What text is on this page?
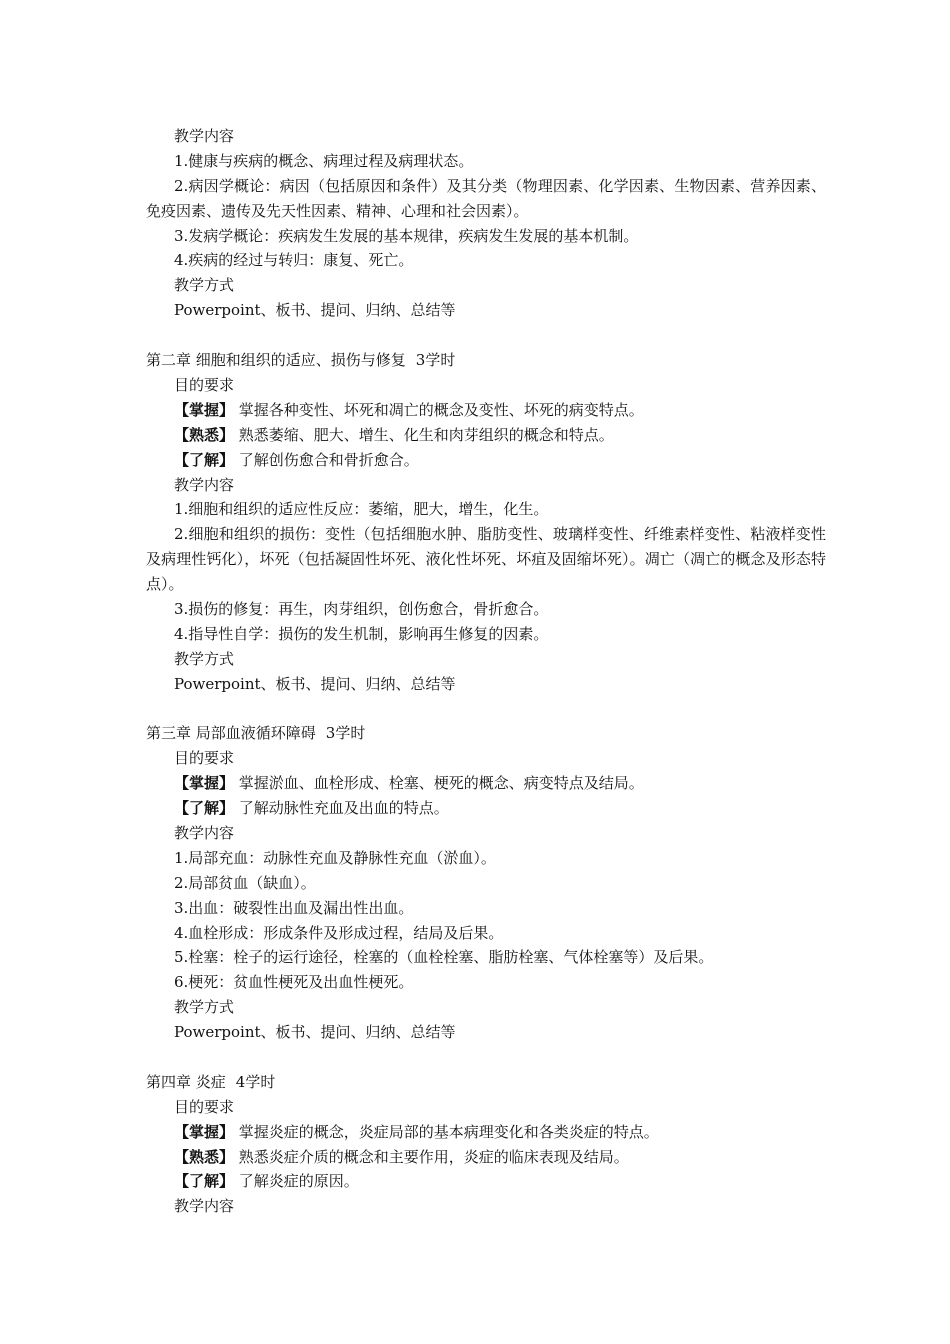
教学内容
1.健康与疾病的概念、病理过程及病理状态。
2.病因学概论：病因（包括原因和条件）及其分类（物理因素、化学因素、生物因素、营养因素、免疫因素、遗传及先天性因素、精神、心理和社会因素）。
3.发病学概论：疾病发生发展的基本规律，疾病发生发展的基本机制。
4.疾病的经过与转归：康复、死亡。
教学方式
Powerpoint、板书、提问、归纳、总结等
第二章 细胞和组织的适应、损伤与修复 3学时
目的要求
【掌握】 掌握各种变性、坏死和凋亡的概念及变性、坏死的病变特点。
【熟悉】 熟悉萎缩、肥大、增生、化生和肉芽组织的概念和特点。
【了解】 了解创伤愈合和骨折愈合。
教学内容
1.细胞和组织的适应性反应：萎缩，肥大，增生，化生。
2.细胞和组织的损伤：变性（包括细胞水肿、脂肪变性、玻璃样变性、纤维素样变性、粘液样变性及病理性钙化），坏死（包括凝固性坏死、液化性坏死、坏疽及固缩坏死）。凋亡（凋亡的概念及形态特点）。
3.损伤的修复：再生，肉芽组织，创伤愈合，骨折愈合。
4.指导性自学：损伤的发生机制，影响再生修复的因素。
教学方式
Powerpoint、板书、提问、归纳、总结等
第三章 局部血液循环障碍 3学时
目的要求
【掌握】 掌握淤血、血栓形成、栓塞、梗死的概念、病变特点及结局。
【了解】 了解动脉性充血及出血的特点。
教学内容
1.局部充血：动脉性充血及静脉性充血（淤血）。
2.局部贫血（缺血）。
3.出血：破裂性出血及漏出性出血。
4.血栓形成：形成条件及形成过程，结局及后果。
5.栓塞：栓子的运行途径，栓塞的（血栓栓塞、脂肪栓塞、气体栓塞等）及后果。
6.梗死：贫血性梗死及出血性梗死。
教学方式
Powerpoint、板书、提问、归纳、总结等
第四章 炎症 4学时
目的要求
【掌握】 掌握炎症的概念，炎症局部的基本病理变化和各类炎症的特点。
【熟悉】 熟悉炎症介质的概念和主要作用，炎症的临床表现及结局。
【了解】 了解炎症的原因。
教学内容
